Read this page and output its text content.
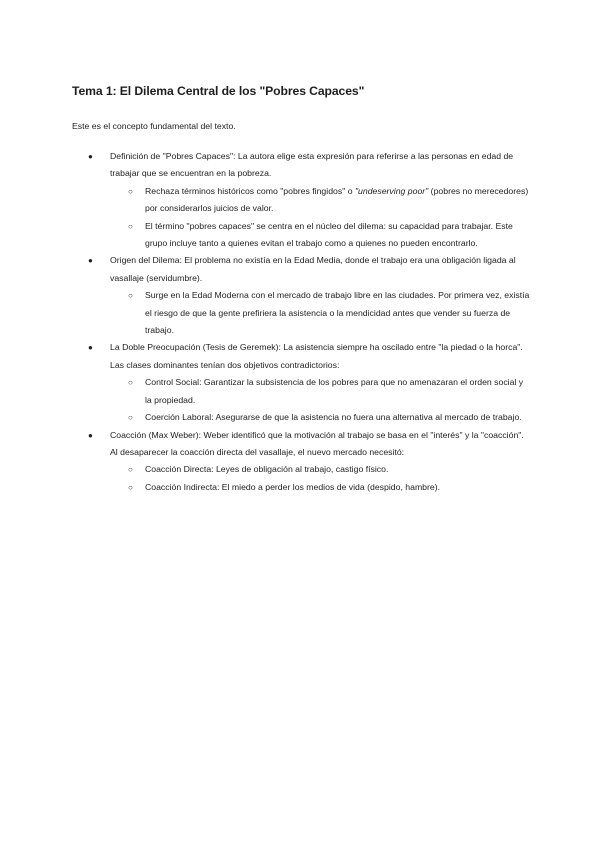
Tema 1: El Dilema Central de los "Pobres Capaces"

Este es el concepto fundamental del texto.

● Definición de "Pobres Capaces": La autora elige esta expresión para referirse a las personas en edad de trabajar que se encuentran en la pobreza.
○ Rechaza términos históricos como "pobres fingidos" o "undeserving poor" (pobres no merecedores) por considerarlos juicios de valor.
○ El término "pobres capaces" se centra en el núcleo del dilema: su capacidad para trabajar. Este grupo incluye tanto a quienes evitan el trabajo como a quienes no pueden encontrarlo.
● Origen del Dilema: El problema no existía en la Edad Media, donde el trabajo era una obligación ligada al vasallaje (servidumbre).
○ Surge en la Edad Moderna con el mercado de trabajo libre en las ciudades. Por primera vez, existía el riesgo de que la gente prefiriera la asistencia o la mendicidad antes que vender su fuerza de trabajo.
● La Doble Preocupación (Tesis de Geremek): La asistencia siempre ha oscilado entre "la piedad o la horca". Las clases dominantes tenían dos objetivos contradictorios:
○ Control Social: Garantizar la subsistencia de los pobres para que no amenazaran el orden social y la propiedad.
○ Coerción Laboral: Asegurarse de que la asistencia no fuera una alternativa al mercado de trabajo.
● Coacción (Max Weber): Weber identificó que la motivación al trabajo se basa en el "interés" y la "coacción". Al desaparecer la coacción directa del vasallaje, el nuevo mercado necesitó:
○ Coacción Directa: Leyes de obligación al trabajo, castigo físico.
○ Coacción Indirecta: El miedo a perder los medios de vida (despido, hambre).
